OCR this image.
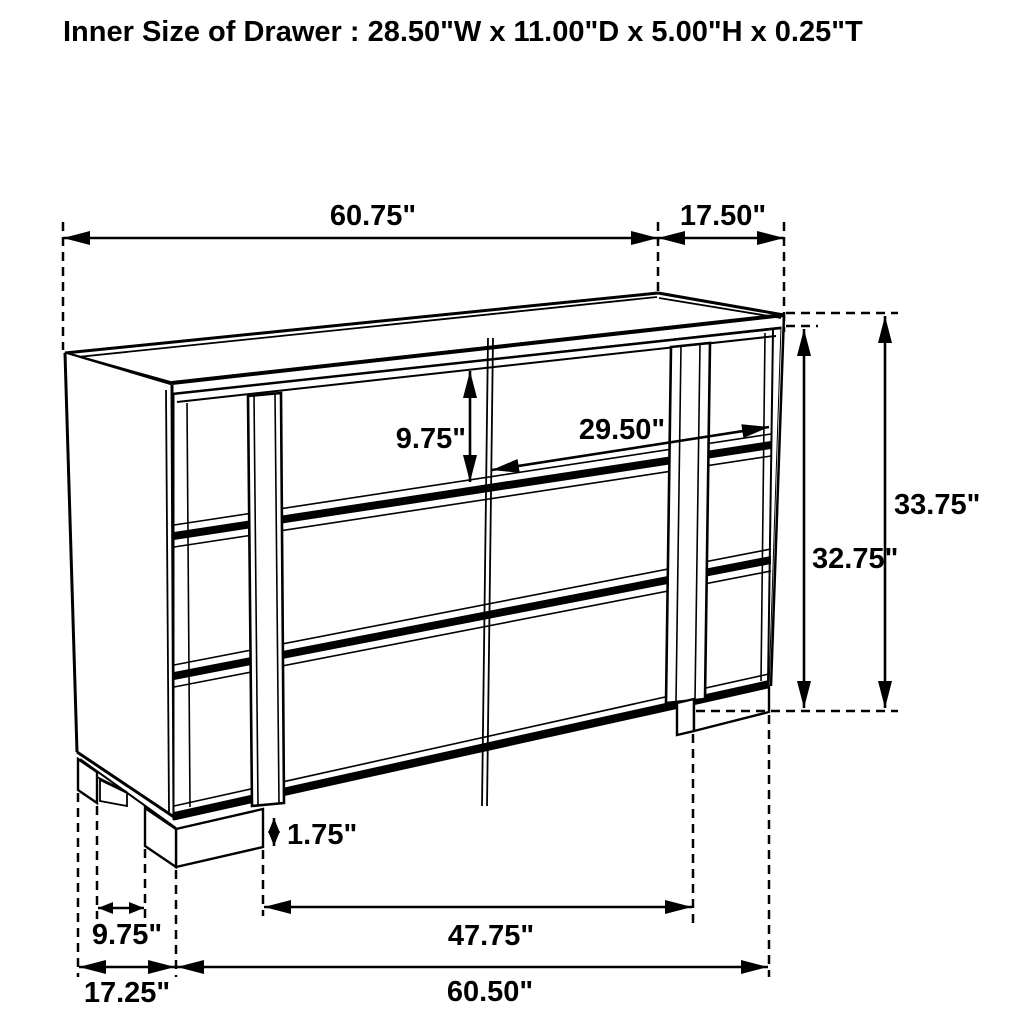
Inner Size of Drawer : 28.50"W x 11.00"D x 5.00"H x 0.25"T
60.75"	17.50"
9.75"	29.50"
33.75"
32.75"
1.75"
9.75"	47.75"
17.25"	60.50"
